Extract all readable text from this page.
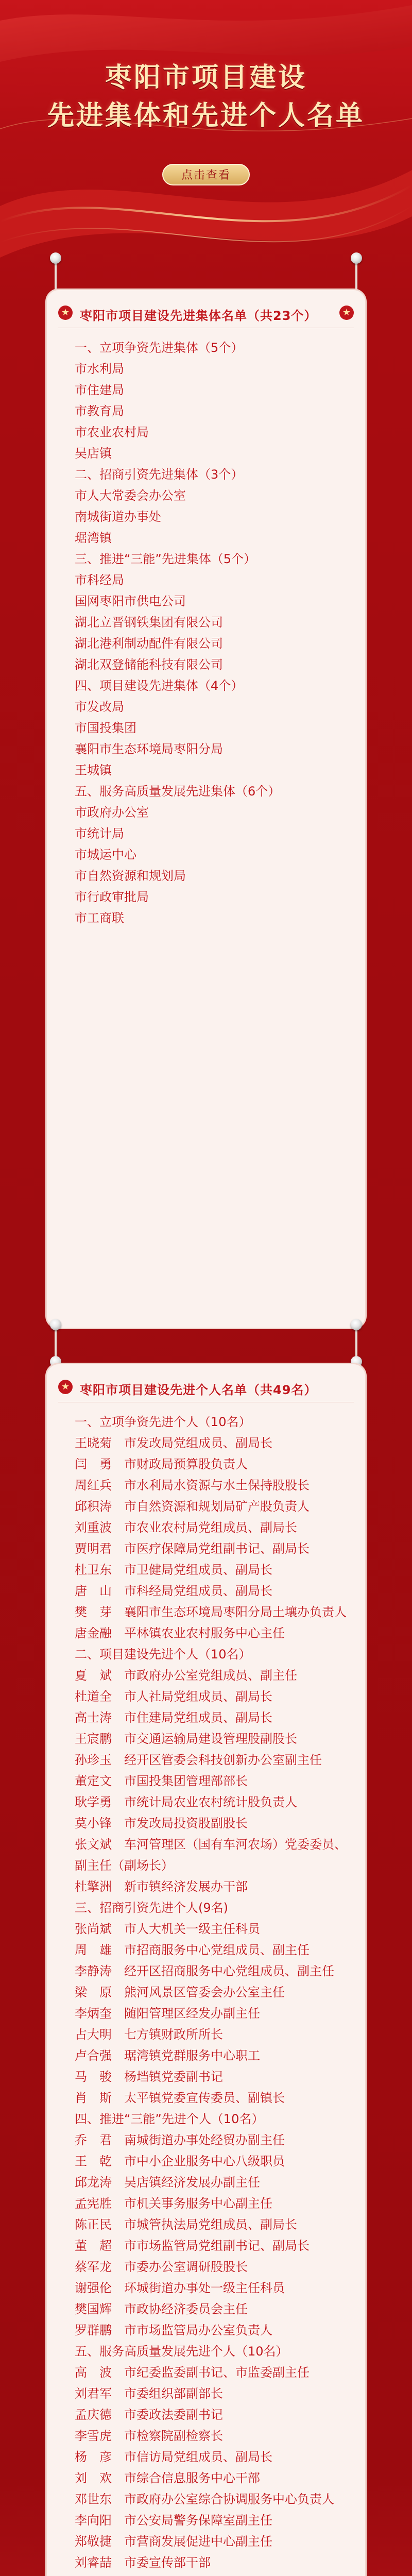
枣阳市项目建设
先进集体和先进个人名单
点击查看
★ 枣阳市项目建设先进集体名单（共23个）	★
一、立项争资先进集体（5个）
市水利局
市住建局
市教育局
市农业农村局
吴店镇
二、招商引资先进集体（3个）
市人大常委会办公室
南城街道办事处
琚湾镇
三、推进“三能”先进集体（5个）
市科经局
国网枣阳市供电公司
湖北立晋钢铁集团有限公司
湖北港利制动配件有限公司
湖北双登储能科技有限公司
四、项目建设先进集体（4个）
市发改局
市国投集团
襄阳市生态环境局枣阳分局
王城镇
五、服务高质量发展先进集体（6个）
市政府办公室
市统计局
市城运中心
市自然资源和规划局
市行政审批局
市工商联
★ 枣阳市项目建设先进个人名单（共49名）
一、立项争资先进个人（10名）
王晓菊　市发改局党组成员、副局长
闫　勇　市财政局预算股负责人
周红兵　市水利局水资源与水土保持股股长
邱积涛　市自然资源和规划局矿产股负责人
刘重波　市农业农村局党组成员、副局长
贾明君　市医疗保障局党组副书记、副局长
杜卫东　市卫健局党组成员、副局长
唐　山　市科经局党组成员、副局长
樊　芽　襄阳市生态环境局枣阳分局土壤办负责人
唐金融　平林镇农业农村服务中心主任
二、项目建设先进个人（10名）
夏　斌　市政府办公室党组成员、副主任
杜道全　市人社局党组成员、副局长
高士涛　市住建局党组成员、副局长
王宸鹏　市交通运输局建设管理股副股长
孙珍玉　经开区管委会科技创新办公室副主任
董定文　市国投集团管理部部长
耿学勇　市统计局农业农村统计股负责人
莫小锋　市发改局投资股副股长
张文斌　车河管理区（国有车河农场）党委委员、副主任（副场长）
杜擎洲　新市镇经济发展办干部
三、招商引资先进个人(9名)
张尚斌　市人大机关一级主任科员
周　雄　市招商服务中心党组成员、副主任
李静涛　经开区招商服务中心党组成员、副主任
梁　原　熊河风景区管委会办公室主任
李炳奎　随阳管理区经发办副主任
占大明　七方镇财政所所长
卢合强　琚湾镇党群服务中心职工
马　骏　杨垱镇党委副书记
肖　斯　太平镇党委宣传委员、副镇长
四、推进“三能”先进个人（10名）
乔　君　南城街道办事处经贸办副主任
王　乾　市中小企业服务中心八级职员
邱龙涛　吴店镇经济发展办副主任
孟宪胜　市机关事务服务中心副主任
陈正民　市城管执法局党组成员、副局长
董　超　市市场监管局党组副书记、副局长
蔡军龙　市委办公室调研股股长
谢强伦　环城街道办事处一级主任科员
樊国辉　市政协经济委员会主任
罗群鹏　市市场监管局办公室负责人
五、服务高质量发展先进个人（10名）
高　波　市纪委监委副书记、市监委副主任
刘君军　市委组织部副部长
孟庆德　市委政法委副书记
李雪虎　市检察院副检察长
杨　彦　市信访局党组成员、副局长
刘　欢　市综合信息服务中心干部
邓世东　市政府办公室综合协调服务中心负责人
李向阳　市公安局警务保障室副主任
郑敬捷　市营商发展促进中心副主任
刘睿喆　市委宣传部干部
